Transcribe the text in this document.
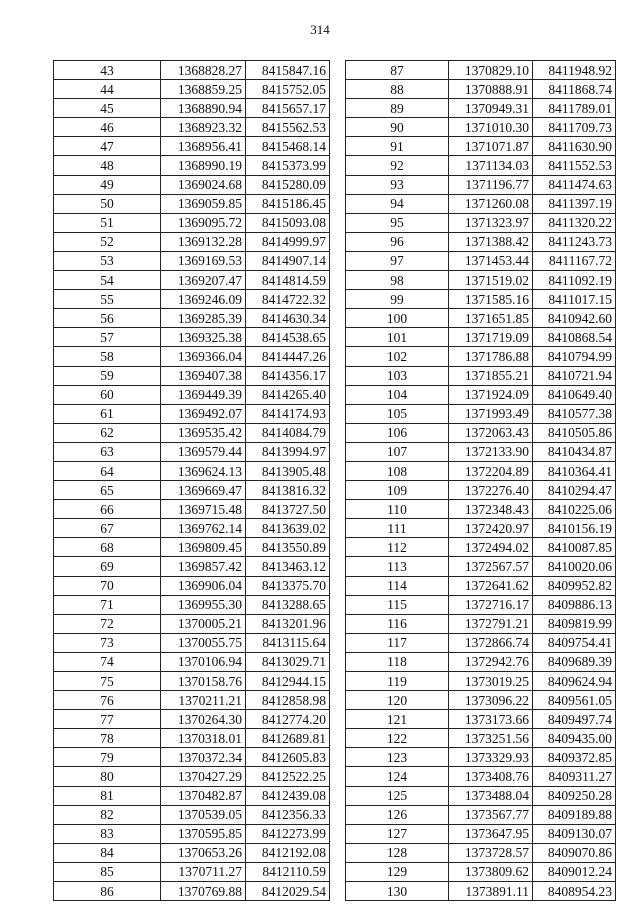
314
43	1368828.27	8415847.16
44	1368859.25	8415752.05
45	1368890.94	8415657.17
46	1368923.32	8415562.53
47	1368956.41	8415468.14
48	1368990.19	8415373.99
49	1369024.68	8415280.09
50	1369059.85	8415186.45
51	1369095.72	8415093.08
52	1369132.28	8414999.97
53	1369169.53	8414907.14
54	1369207.47	8414814.59
55	1369246.09	8414722.32
56	1369285.39	8414630.34
57	1369325.38	8414538.65
58	1369366.04	8414447.26
59	1369407.38	8414356.17
60	1369449.39	8414265.40
61	1369492.07	8414174.93
62	1369535.42	8414084.79
63	1369579.44	8413994.97
64	1369624.13	8413905.48
65	1369669.47	8413816.32
66	1369715.48	8413727.50
67	1369762.14	8413639.02
68	1369809.45	8413550.89
69	1369857.42	8413463.12
70	1369906.04	8413375.70
71	1369955.30	8413288.65
72	1370005.21	8413201.96
73	1370055.75	8413115.64
74	1370106.94	8413029.71
75	1370158.76	8412944.15
76	1370211.21	8412858.98
77	1370264.30	8412774.20
78	1370318.01	8412689.81
79	1370372.34	8412605.83
80	1370427.29	8412522.25
81	1370482.87	8412439.08
82	1370539.05	8412356.33
83	1370595.85	8412273.99
84	1370653.26	8412192.08
85	1370711.27	8412110.59
86	1370769.88	8412029.54
87	1370829.10	8411948.92
88	1370888.91	8411868.74
89	1370949.31	8411789.01
90	1371010.30	8411709.73
91	1371071.87	8411630.90
92	1371134.03	8411552.53
93	1371196.77	8411474.63
94	1371260.08	8411397.19
95	1371323.97	8411320.22
96	1371388.42	8411243.73
97	1371453.44	8411167.72
98	1371519.02	8411092.19
99	1371585.16	8411017.15
100	1371651.85	8410942.60
101	1371719.09	8410868.54
102	1371786.88	8410794.99
103	1371855.21	8410721.94
104	1371924.09	8410649.40
105	1371993.49	8410577.38
106	1372063.43	8410505.86
107	1372133.90	8410434.87
108	1372204.89	8410364.41
109	1372276.40	8410294.47
110	1372348.43	8410225.06
111	1372420.97	8410156.19
112	1372494.02	8410087.85
113	1372567.57	8410020.06
114	1372641.62	8409952.82
115	1372716.17	8409886.13
116	1372791.21	8409819.99
117	1372866.74	8409754.41
118	1372942.76	8409689.39
119	1373019.25	8409624.94
120	1373096.22	8409561.05
121	1373173.66	8409497.74
122	1373251.56	8409435.00
123	1373329.93	8409372.85
124	1373408.76	8409311.27
125	1373488.04	8409250.28
126	1373567.77	8409189.88
127	1373647.95	8409130.07
128	1373728.57	8409070.86
129	1373809.62	8409012.24
130	1373891.11	8408954.23
